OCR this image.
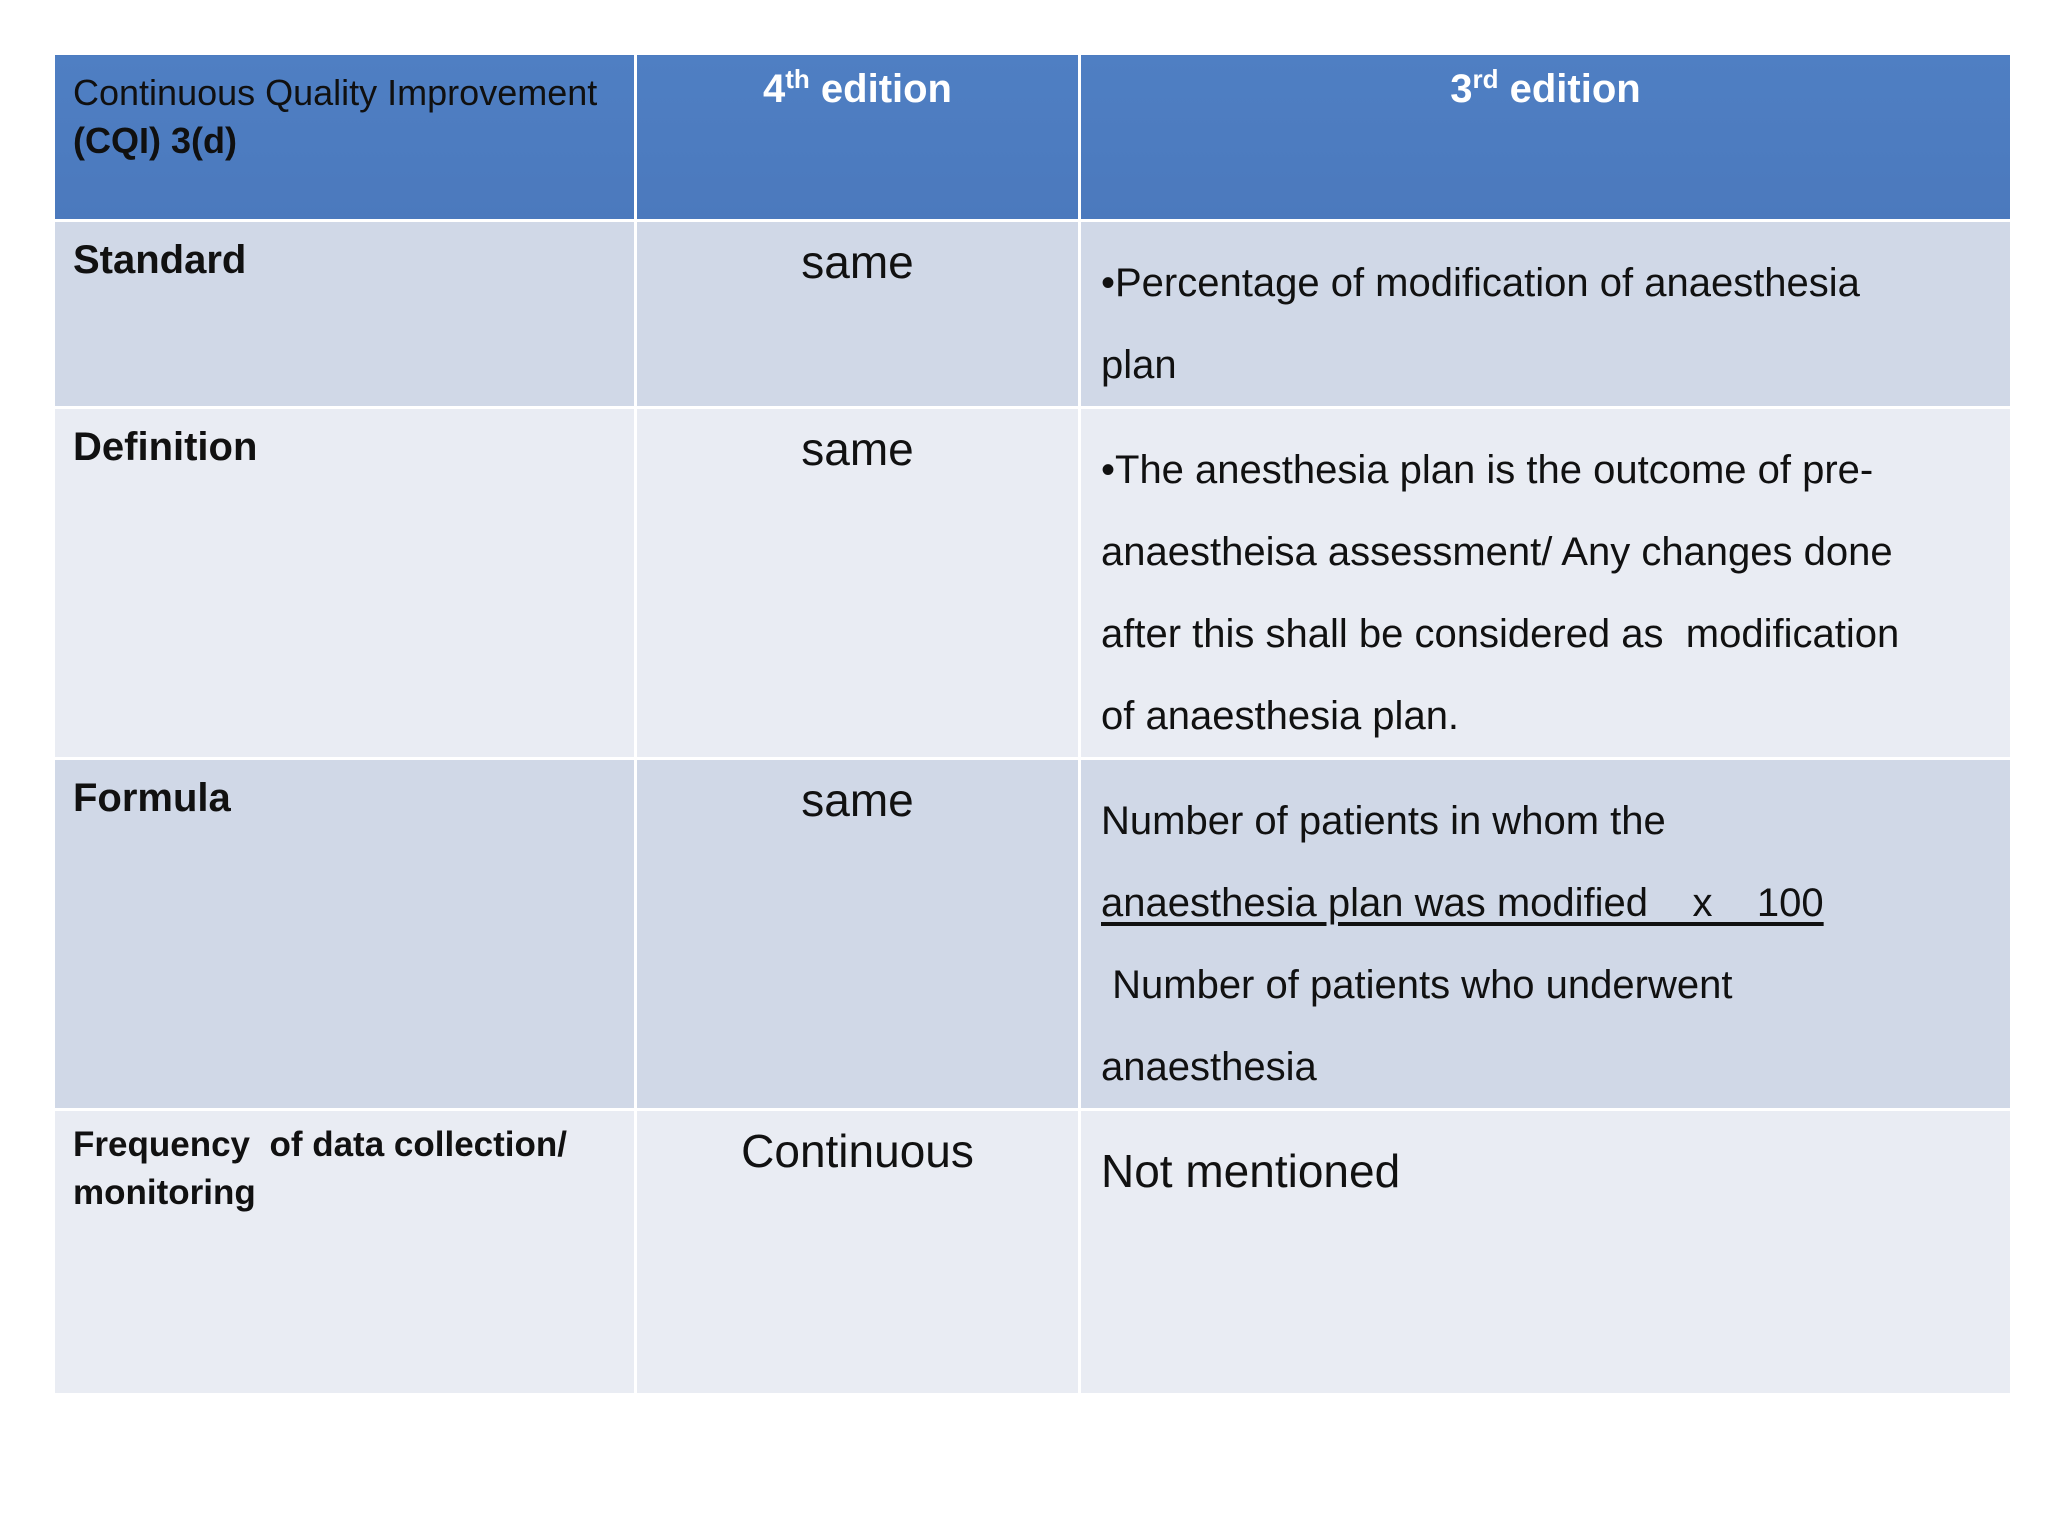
Continuous Quality Improvement
(CQI) 3(d)	4th edition	3rd edition

Standard	same	•Percentage of modification of anaesthesia
plan

Definition	same	•The anesthesia plan is the outcome of pre-
anaestheisa assessment/ Any changes done
after this shall be considered as  modification
of anaesthesia plan.

Formula	same	Number of patients in whom the
anaesthesia plan was modified    x    100
Number of patients who underwent
anaesthesia

Frequency  of data collection/
monitoring	Continuous	Not mentioned
